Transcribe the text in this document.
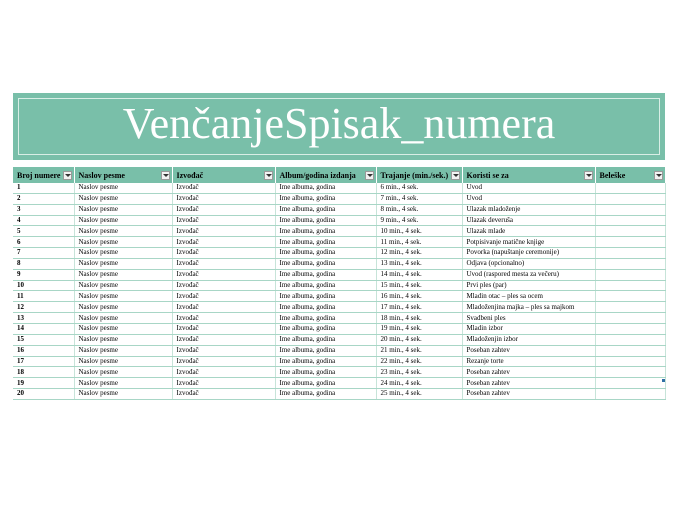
VenčanjeSpisak_numera
Broj numere	Naslov pesme	Izvođač	Album/godina izdanja	Trajanje (min./sek.)	Koristi se za	Beleške

1	Naslov pesme	Izvođač	Ime albuma, godina	6 min., 4 sek.	Uvod	
2	Naslov pesme	Izvođač	Ime albuma, godina	7 min., 4 sek.	Uvod	
3	Naslov pesme	Izvođač	Ime albuma, godina	8 min., 4 sek.	Ulazak mladoženje	
4	Naslov pesme	Izvođač	Ime albuma, godina	9 min., 4 sek.	Ulazak deveruša	
5	Naslov pesme	Izvođač	Ime albuma, godina	10 min., 4 sek.	Ulazak mlade	
6	Naslov pesme	Izvođač	Ime albuma, godina	11 min., 4 sek.	Potpisivanje matične knjige	
7	Naslov pesme	Izvođač	Ime albuma, godina	12 min., 4 sek.	Povorka (napuštanje ceremonije)	
8	Naslov pesme	Izvođač	Ime albuma, godina	13 min., 4 sek.	Odjava (opcionalno)	
9	Naslov pesme	Izvođač	Ime albuma, godina	14 min., 4 sek.	Uvod (raspored mesta za večeru)	
10	Naslov pesme	Izvođač	Ime albuma, godina	15 min., 4 sek.	Prvi ples (par)	
11	Naslov pesme	Izvođač	Ime albuma, godina	16 min., 4 sek.	Mladin otac – ples sa ocem	
12	Naslov pesme	Izvođač	Ime albuma, godina	17 min., 4 sek.	Mladoženjina majka – ples sa majkom	
13	Naslov pesme	Izvođač	Ime albuma, godina	18 min., 4 sek.	Svadbeni ples	
14	Naslov pesme	Izvođač	Ime albuma, godina	19 min., 4 sek.	Mladin izbor	
15	Naslov pesme	Izvođač	Ime albuma, godina	20 min., 4 sek.	Mladoženjin izbor	
16	Naslov pesme	Izvođač	Ime albuma, godina	21 min., 4 sek.	Poseban zahtev	
17	Naslov pesme	Izvođač	Ime albuma, godina	22 min., 4 sek.	Rezanje torte	
18	Naslov pesme	Izvođač	Ime albuma, godina	23 min., 4 sek.	Poseban zahtev	
19	Naslov pesme	Izvođač	Ime albuma, godina	24 min., 4 sek.	Poseban zahtev	
20	Naslov pesme	Izvođač	Ime albuma, godina	25 min., 4 sek.	Poseban zahtev	
